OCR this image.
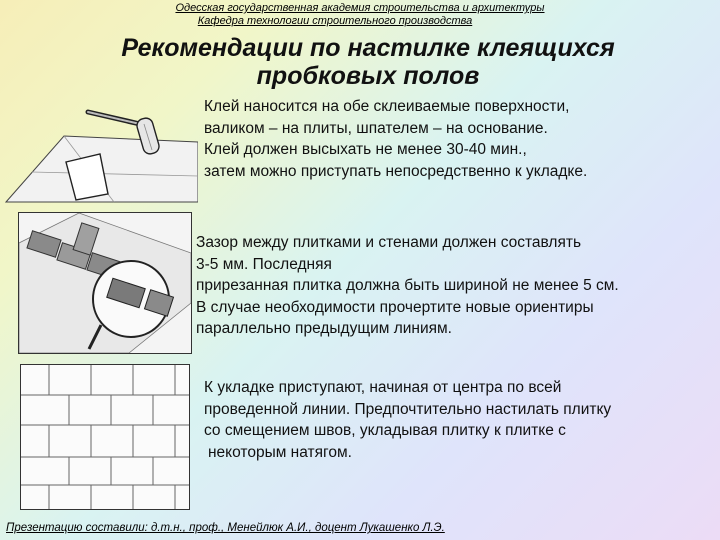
Одесская государственная академия строительства и архитектуры
Кафедра технологии строительного производства
Рекомендации по настилке клеящихся
пробковых полов
Клей наносится на обе склеиваемые поверхности,
валиком – на плиты, шпателем – на основание.
Клей должен высыхать не менее 30-40 мин.,
затем можно приступать непосредственно к укладке.
Зазор между плитками и стенами должен составлять
3-5 мм. Последняя
прирезанная плитка должна быть шириной не менее 5 см.
В случае необходимости прочертите новые ориентиры
параллельно предыдущим линиям.
К укладке приступают, начиная от центра по всей
проведенной линии. Предпочтительно настилать плитку
со смещением швов, укладывая плитку к плитке с
некоторым натягом.
Презентацию составили: д.т.н., проф., Менейлюк А.И., доцент Лукашенко Л.Э.
